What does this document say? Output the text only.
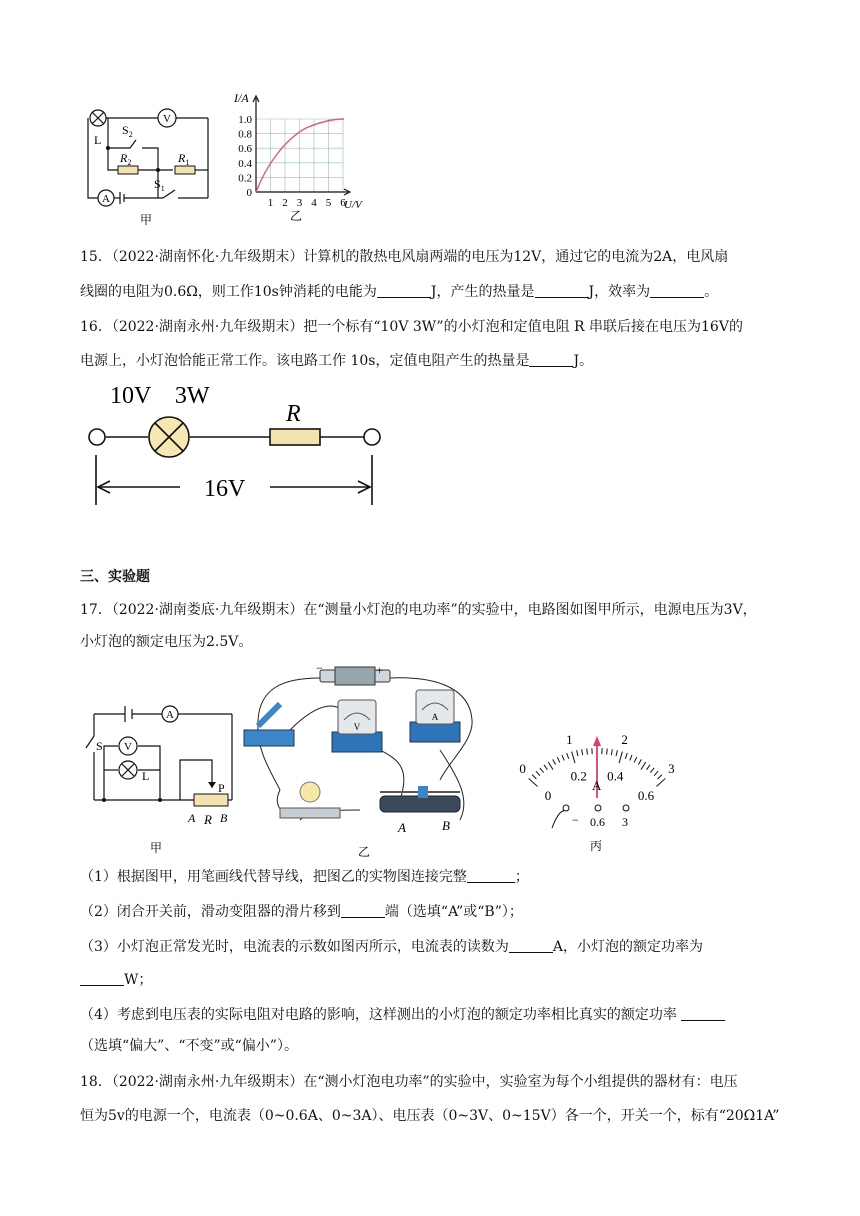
V
A
L
$S_2$
$R_2$	$R_1$
$S_1$
甲
I/A
U/V
1.0
0.8
0.6
0.4
0.2
0
1 2 3 4 5 6
乙
15．（2022·湖南怀化·九年级期末）计算机的散热电风扇两端的电压为12V，通过它的电流为2A，电风扇
线圈的电阻为0.6Ω，则工作10s钟消耗的电能为	J，产生的热量是	J，效率为	。
16．（2022·湖南永州·九年级期末）把一个标有“10V 3W”的小灯泡和定值电阻 R 串联后接在电压为16V的
电源上，小灯泡恰能正常工作。该电路工作 10s，定值电阻产生的热量是	J。
10V　3W
R
16V
三、实验题
17．（2022·湖南娄底·九年级期末）在“测量小灯泡的电功率”的实验中，电路图如图甲所示，电源电压为3V，
小灯泡的额定电压为2.5V。
A
V
S
L
P
A R B
甲
−	+
V
A
A	B
乙
0
1	2
3
0
0.2 0.4
0.6
A
− 0.6 3
丙
（1）根据图甲，用笔画线代替导线，把图乙的实物图连接完整	；
（2）闭合开关前，滑动变阻器的滑片移到	端（选填“A”或“B”）；
（3）小灯泡正常发光时，电流表的示数如图丙所示，电流表的读数为	A，小灯泡的额定功率为
W；
（4）考虑到电压表的实际电阻对电路的影响，这样测出的小灯泡的额定功率相比真实的额定功率
（选填“偏大”、“不变”或“偏小”）。
18．（2022·湖南永州·九年级期末）在“测小灯泡电功率”的实验中，实验室为每个小组提供的器材有：电压
恒为5v的电源一个，电流表（0~0.6A、0~3A）、电压表（0~3V、0~15V）各一个，开关一个，标有“20Ω1A”
